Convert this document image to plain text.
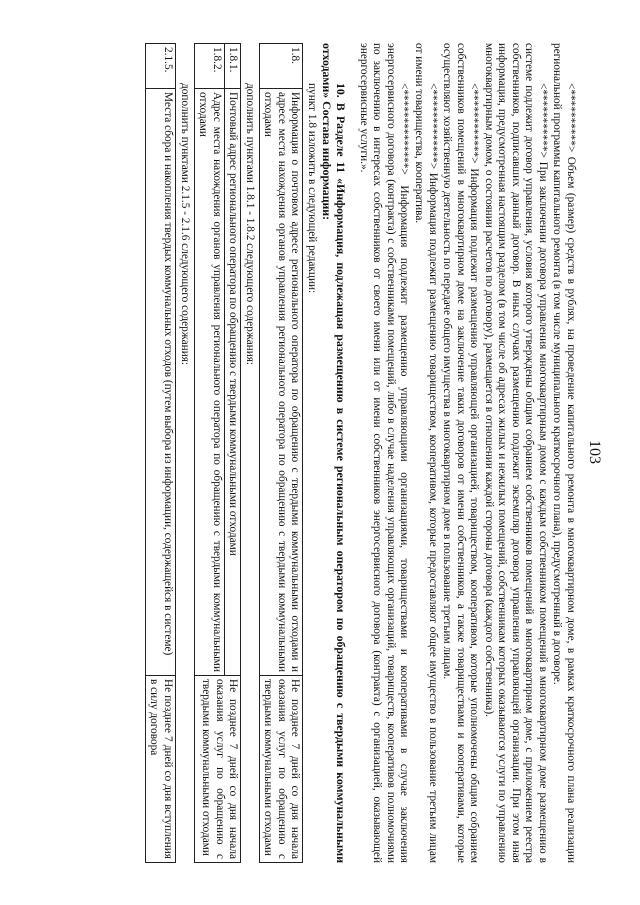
103

<**********> Объем (размер) средств в рублях, на проведение капитального ремонта в многоквартирном доме, в рамках краткосрочного плана реализации региональной программы капитального ремонта (в том числе муниципального краткосрочного плана), предусмотренный в договоре.

<***********> При заключении договора управления многоквартирным домом с каждым собственником помещений в многоквартирном доме размещению в системе подлежит договор управления, условия которого утверждены общим собранием собственников помещений в многоквартирном доме, с приложением реестра собственников, подписавших данный договор. В иных случаях размещению подлежит экземпляр договора управления управляющей организации. При этом иная информация, предусмотренная настоящим разделом (в том числе об адресах жилых и нежилых помещений, собственникам которых оказываются услуги по управлению многоквартирным домом, о состоянии расчетов по договору), размещается в отношении каждой стороны договора (каждого собственника).

<************> Информация подлежит размещению управляющей организацией, товариществом, кооперативом, которые уполномочены общим собранием собственников помещений в многоквартирном доме на заключение таких договоров от имени собственников, а также товариществами и кооперативами, которые осуществляют хозяйственную деятельность по передаче общего имущества в многоквартирном доме в пользование третьим лицам.

<*************> Информация подлежит размещению товариществом, кооперативом, которые предоставляют общее имущество в пользование третьим лицам от имени товарищества, кооператива.

<**************> Информация подлежит размещению управляющими организациями, товариществами и кооперативами в случае заключения энергосервисного договора (контракта) с собственниками помещений, либо в случае наделения управляющих организаций, товариществ, кооперативов полномочиями по заключению в интересах собственников от своего имени или от имени собственников энергосервисного договора (контракта) с организацией, оказывающей энергосервисные услуги.».

10. В Разделе 11 «Информация, подлежащая размещению в системе региональным оператором по обращению с твердыми коммунальными отходами» Состава информации:

пункт 1.8 изложить в следующей редакции:

1.8.	Информация о почтовом адресе регионального оператора по обращению с твердыми коммунальными отходами и адресе места нахождения органов управления регионального оператора по обращению с твердыми коммунальными отходами	Не позднее 7 дней со дня начала оказания услуг по обращению с твердыми коммунальными отходами

дополнить пунктами 1.8.1 - 1.8.2 следующего содержания:

1.8.1.	Почтовый адрес регионального оператора по обращению с твердыми коммунальными отходами	Не позднее 7 дней со дня начала оказания услуг по обращению с твердыми коммунальными отходами
1.8.2.	Адрес места нахождения органов управления регионального оператора по обращению с твердыми коммунальными отходами	

дополнить пунктами 2.1.5 - 2.1.6 следующего содержания:

2.1.5.	Места сбора и накопления твердых коммунальных отходов (путем выбора из информации, содержащейся в системе)	Не позднее 7 дней со дня вступления в силу договора
